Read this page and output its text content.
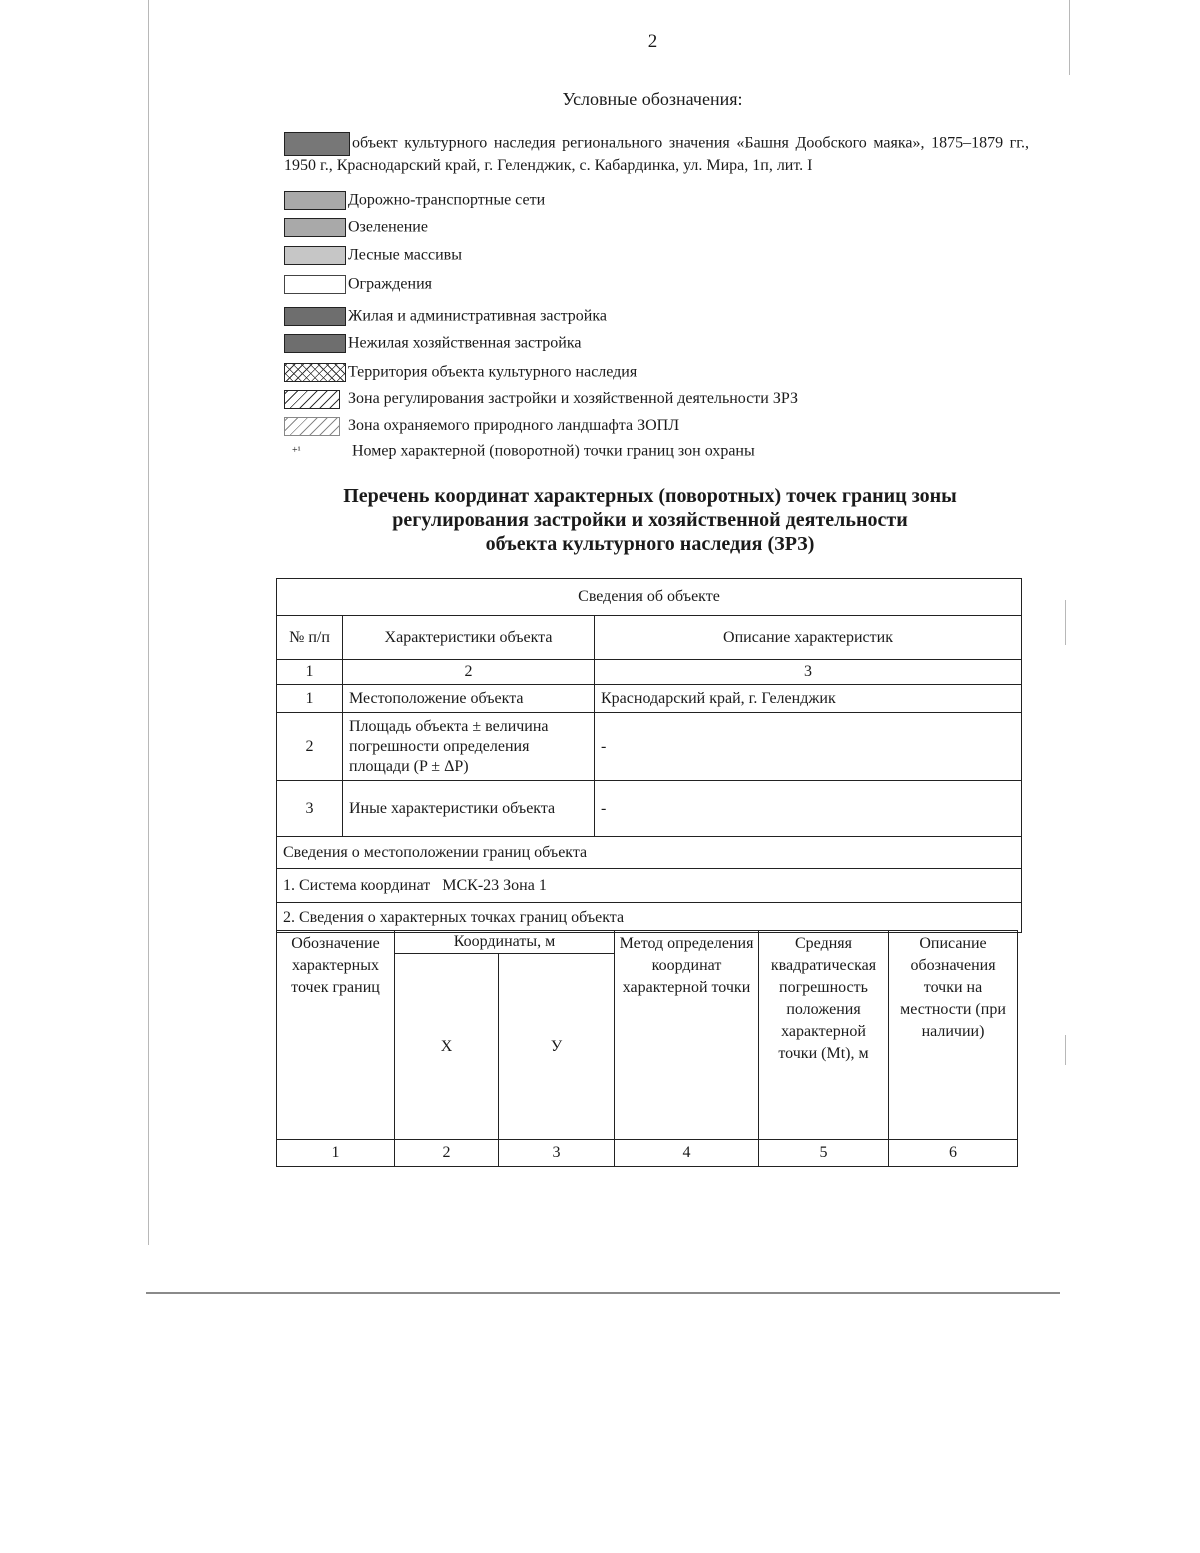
2
Условные обозначения:
объект культурного наследия регионального значения «Башня Дообского маяка», 1875–1879 гг., 1950 г., Краснодарский край, г. Геленджик, с. Кабардинка, ул. Мира, 1п, лит. I
Дорожно-транспортные сети
Озеленение
Лесные массивы
Ограждения
Жилая и административная застройка
Нежилая хозяйственная застройка
Территория объекта культурного наследия
Зона регулирования застройки и хозяйственной деятельности ЗРЗ
Зона охраняемого природного ландшафта ЗОПЛ
+¹	Номер характерной (поворотной) точки границ зон охраны
Перечень координат характерных (поворотных) точек границ зоны
регулирования застройки и хозяйственной деятельности
объекта культурного наследия (ЗРЗ)
Сведения об объекте		
№ п/п	Характеристики объекта	Описание характеристик
1	2	3
1	Местоположение объекта	Краснодарский край, г. Геленджик
2	Площадь объекта ± величина погрешности определения площади (P ± ΔP)	-
3	Иные характеристики объекта	-
Сведения о местоположении границ объекта		
1. Система координат   МСК-23 Зона 1		
2. Сведения о характерных точках границ объекта		
Обозначение характерных точек границ	Координаты, м		Метод определения координат характерной точки	Средняя квадратическая погрешность положения характерной точки (Mt), м	Описание обозначения точки на местности (при наличии)
	X	У			
1	2	3	4	5	6
